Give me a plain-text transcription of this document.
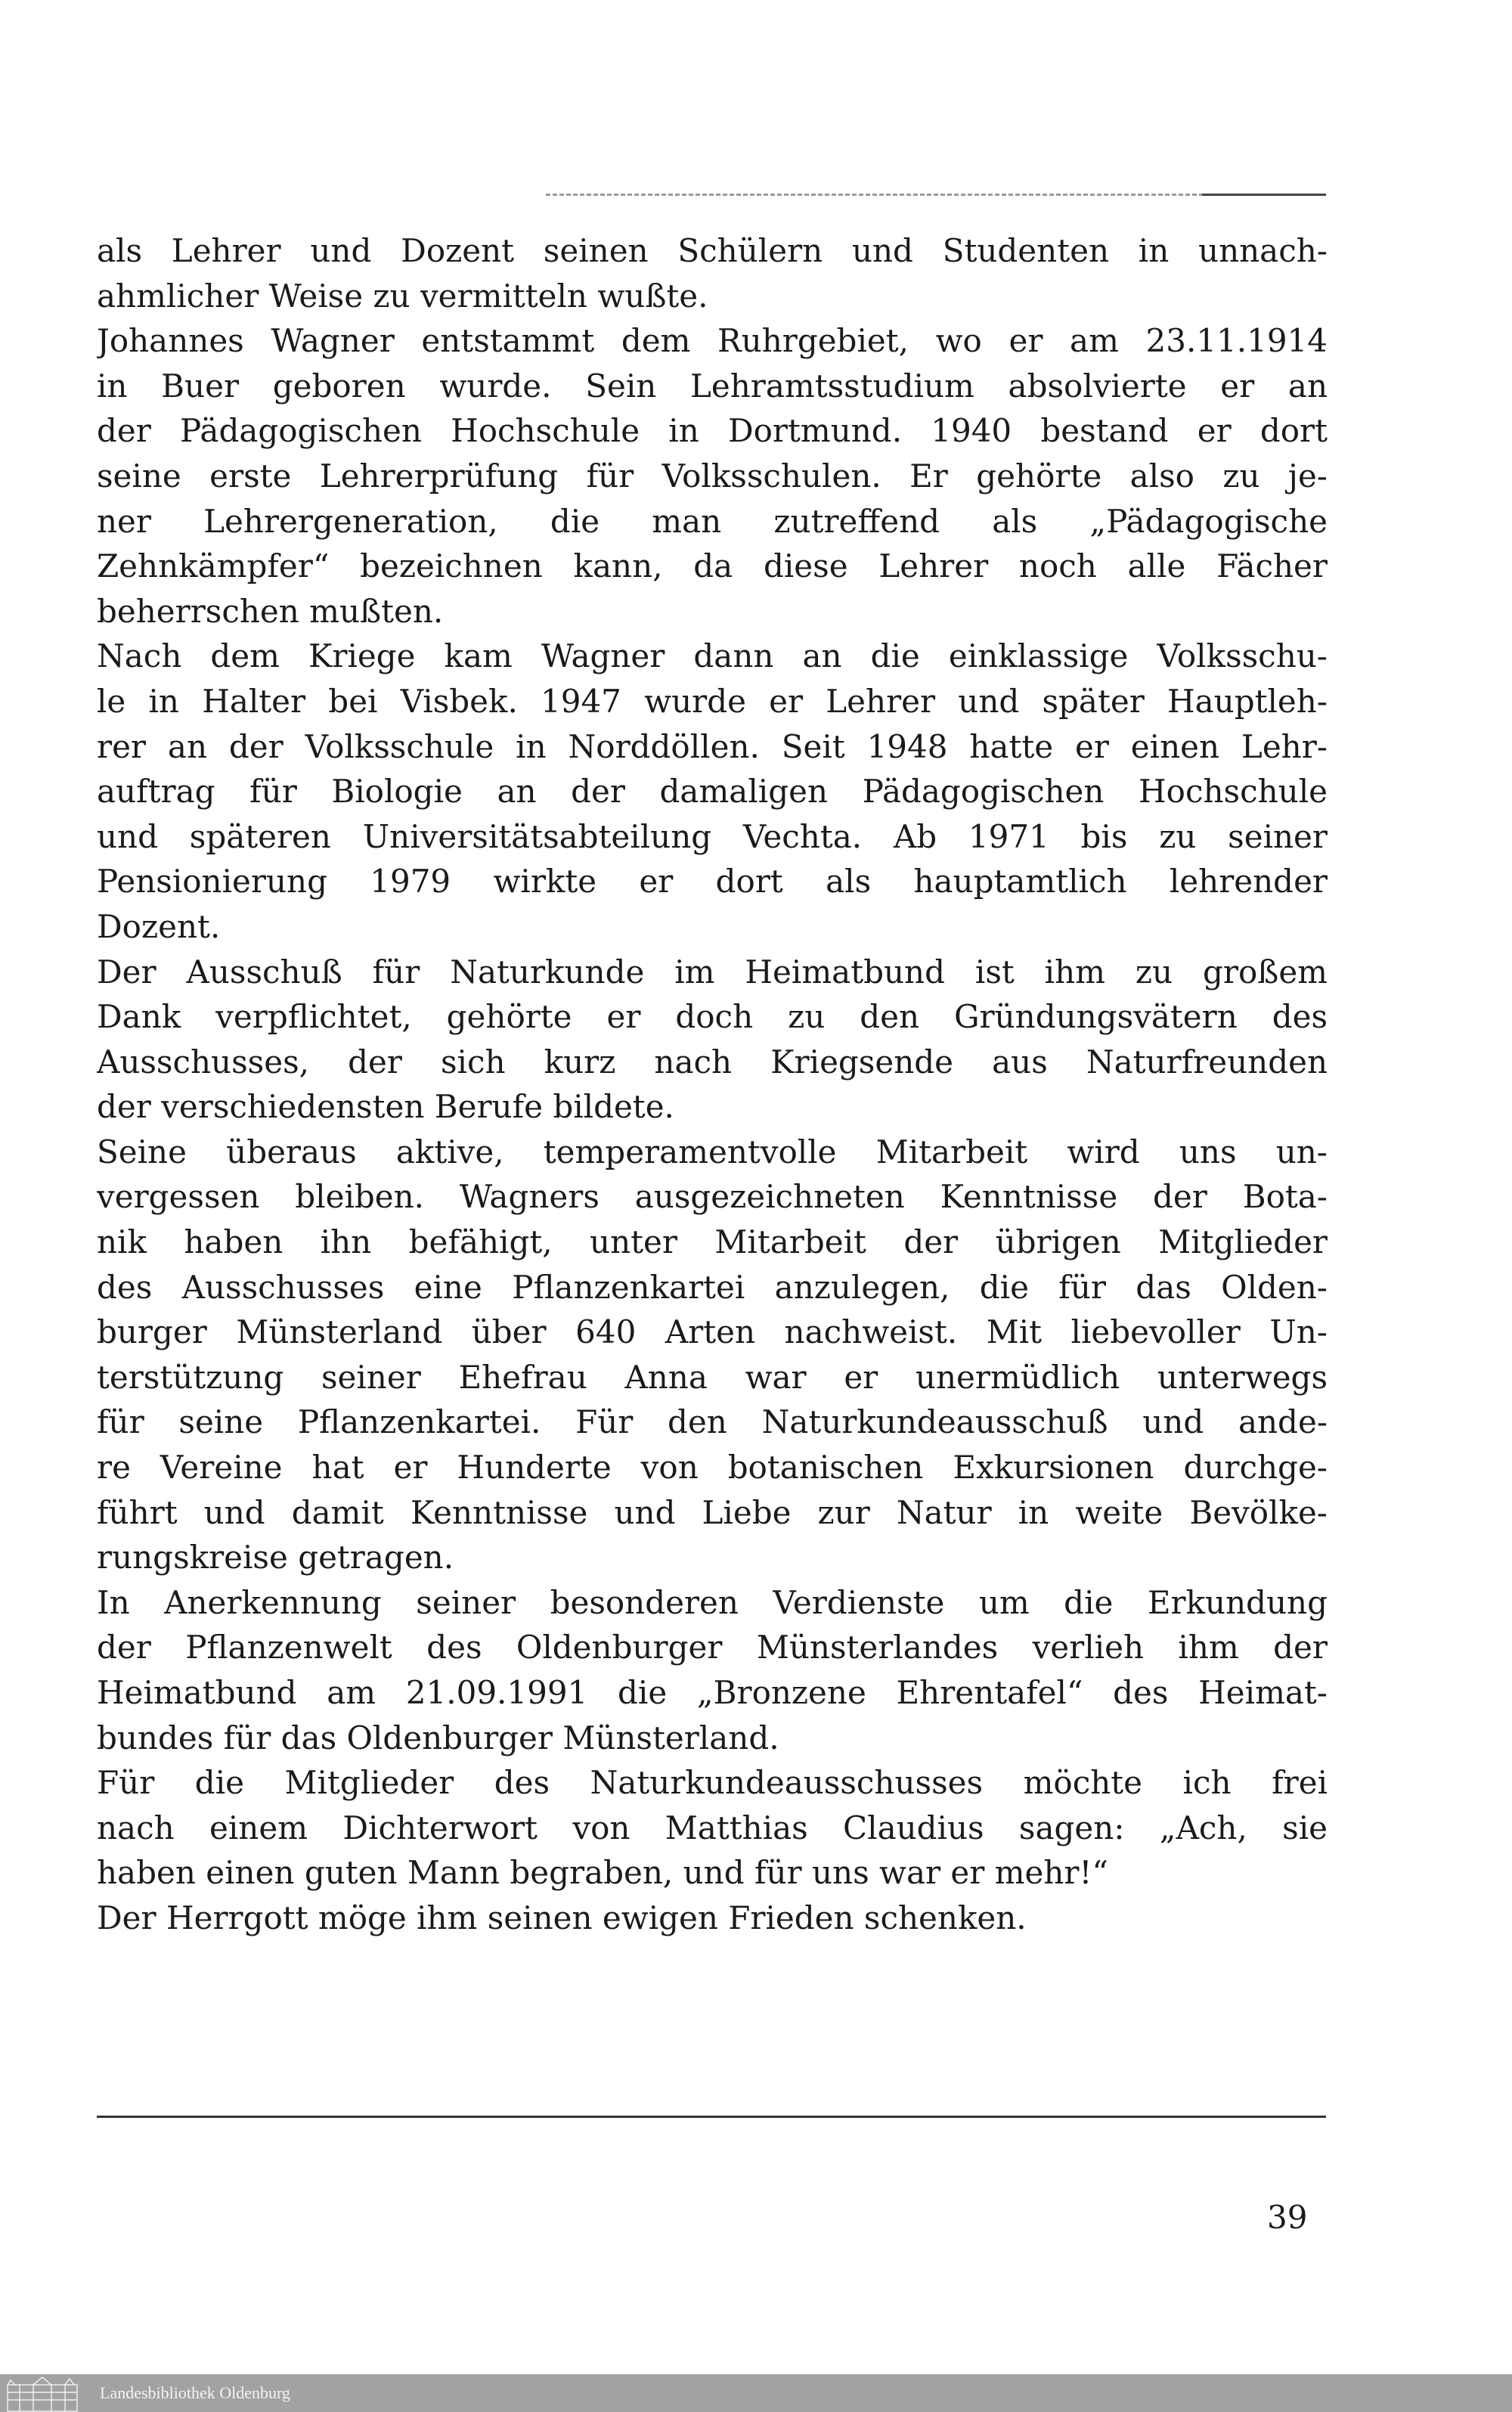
als Lehrer und Dozent seinen Schülern und Studenten in unnach-
ahmlicher Weise zu vermitteln wußte.
Johannes Wagner entstammt dem Ruhrgebiet, wo er am 23.11.1914
in Buer geboren wurde. Sein Lehramtsstudium absolvierte er an
der Pädagogischen Hochschule in Dortmund. 1940 bestand er dort
seine erste Lehrerprüfung für Volksschulen. Er gehörte also zu je-
ner Lehrergeneration, die man zutreffend als „Pädagogische
Zehnkämpfer“ bezeichnen kann, da diese Lehrer noch alle Fächer
beherrschen mußten.
Nach dem Kriege kam Wagner dann an die einklassige Volksschu-
le in Halter bei Visbek. 1947 wurde er Lehrer und später Hauptleh-
rer an der Volksschule in Norddöllen. Seit 1948 hatte er einen Lehr-
auftrag für Biologie an der damaligen Pädagogischen Hochschule
und späteren Universitätsabteilung Vechta. Ab 1971 bis zu seiner
Pensionierung 1979 wirkte er dort als hauptamtlich lehrender
Dozent.
Der Ausschuß für Naturkunde im Heimatbund ist ihm zu großem
Dank verpflichtet, gehörte er doch zu den Gründungsvätern des
Ausschusses, der sich kurz nach Kriegsende aus Naturfreunden
der verschiedensten Berufe bildete.
Seine überaus aktive, temperamentvolle Mitarbeit wird uns un-
vergessen bleiben. Wagners ausgezeichneten Kenntnisse der Bota-
nik haben ihn befähigt, unter Mitarbeit der übrigen Mitglieder
des Ausschusses eine Pflanzenkartei anzulegen, die für das Olden-
burger Münsterland über 640 Arten nachweist. Mit liebevoller Un-
terstützung seiner Ehefrau Anna war er unermüdlich unterwegs
für seine Pflanzenkartei. Für den Naturkundeausschuß und ande-
re Vereine hat er Hunderte von botanischen Exkursionen durchge-
führt und damit Kenntnisse und Liebe zur Natur in weite Bevölke-
rungskreise getragen.
In Anerkennung seiner besonderen Verdienste um die Erkundung
der Pflanzenwelt des Oldenburger Münsterlandes verlieh ihm der
Heimatbund am 21.09.1991 die „Bronzene Ehrentafel“ des Heimat-
bundes für das Oldenburger Münsterland.
Für die Mitglieder des Naturkundeausschusses möchte ich frei
nach einem Dichterwort von Matthias Claudius sagen: „Ach, sie
haben einen guten Mann begraben, und für uns war er mehr!“
Der Herrgott möge ihm seinen ewigen Frieden schenken.
39
Landesbibliothek Oldenburg
